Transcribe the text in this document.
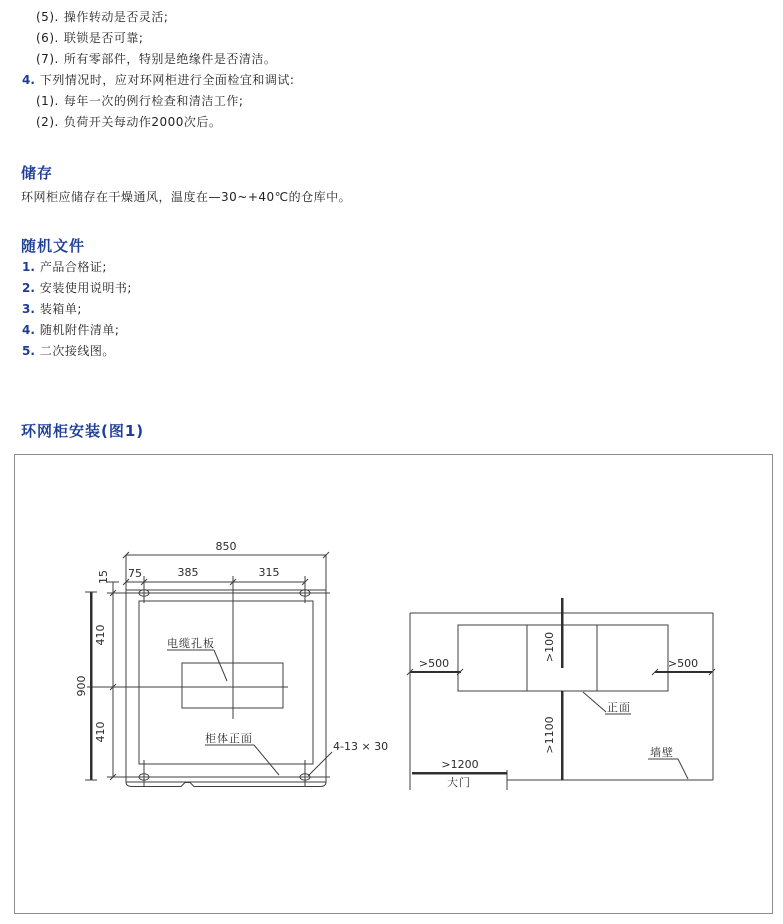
(5). 操作转动是否灵活;
(6). 联锁是否可靠;
(7). 所有零部件，特别是绝缘件是否清洁。
4. 下列情况时，应对环网柜进行全面检宜和调试:
(1). 每年一次的例行检查和清洁工作;
(2). 负荷开关每动作2000次后。
储存
环网柜应储存在干燥通风，温度在—30~+40℃的仓库中。
随机文件
1. 产品合格证;
2. 安装使用说明书;
3. 装箱单;
4. 随机附件清单;
5. 二次接线图。
环网柜安装(图1)
850
75	385	315
15
410
410
900
电缆孔板
柜体正面
4-13 × 30
>100
>1100
>500	>500
正面
>1200
大门
墙壁
